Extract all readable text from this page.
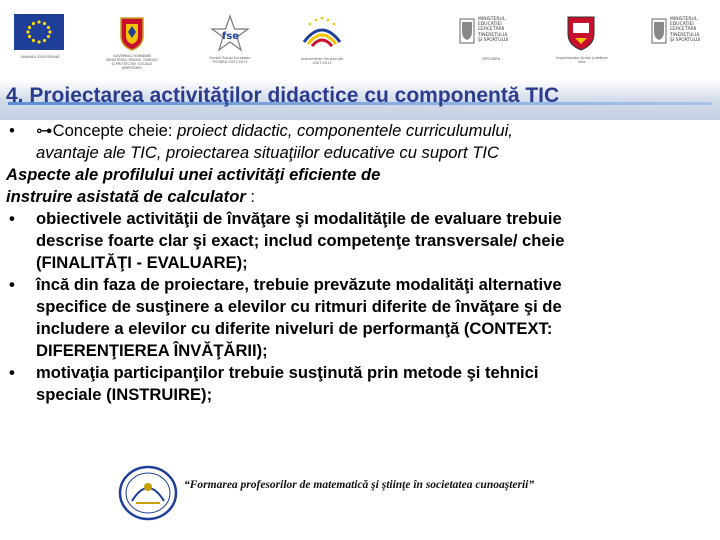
UNIUNEA EUROPEANĂ	GUVERNUL ROMÂNIEI
MINISTERUL MUNCII, FAMILIEI
ŞI PROTECŢIEI SOCIALE
AMPOSDRU
fse
Fondul Social European
POSDRU 2007-2013
Instrumente Structurale
2007-2013
MINISTERUL
EDUCAŢIEI
CERCETĂRII
TINERETULUI
ŞI SPORTULUI
OIPOSDRU	Inspectoratul Şcolar Judeţean
Ilfov
MINISTERUL
EDUCAŢIEI
CERCETĂRII
TINERETULUI
ŞI SPORTULUI
4. Proiectarea activităţilor didactice cu componentă TIC
• ⊶Concepte cheie: proiect didactic, componentele curriculumului,
avantaje ale TIC, proiectarea situaţiilor educative cu suport TIC
Aspecte ale profilului unei activităţi eficiente de
instruire asistată de calculator :
• obiectivele activităţii de învăţare şi modalităţile de evaluare trebuie
descrise foarte clar şi exact; includ competenţe transversale/ cheie
(FINALITĂŢI - EVALUARE);
• încă din faza de proiectare, trebuie prevăzute modalităţi alternative
specifice de susţinere a elevilor cu ritmuri diferite de învăţare şi de
includere a elevilor cu diferite niveluri de performanţă (CONTEXT:
DIFERENŢIEREA ÎNVĂŢĂRII);
• motivaţia participanţilor trebuie susţinută prin metode şi tehnici
speciale (INSTRUIRE);
“Formarea profesorilor de matematică şi ştiinţe în societatea cunoaşterii”
